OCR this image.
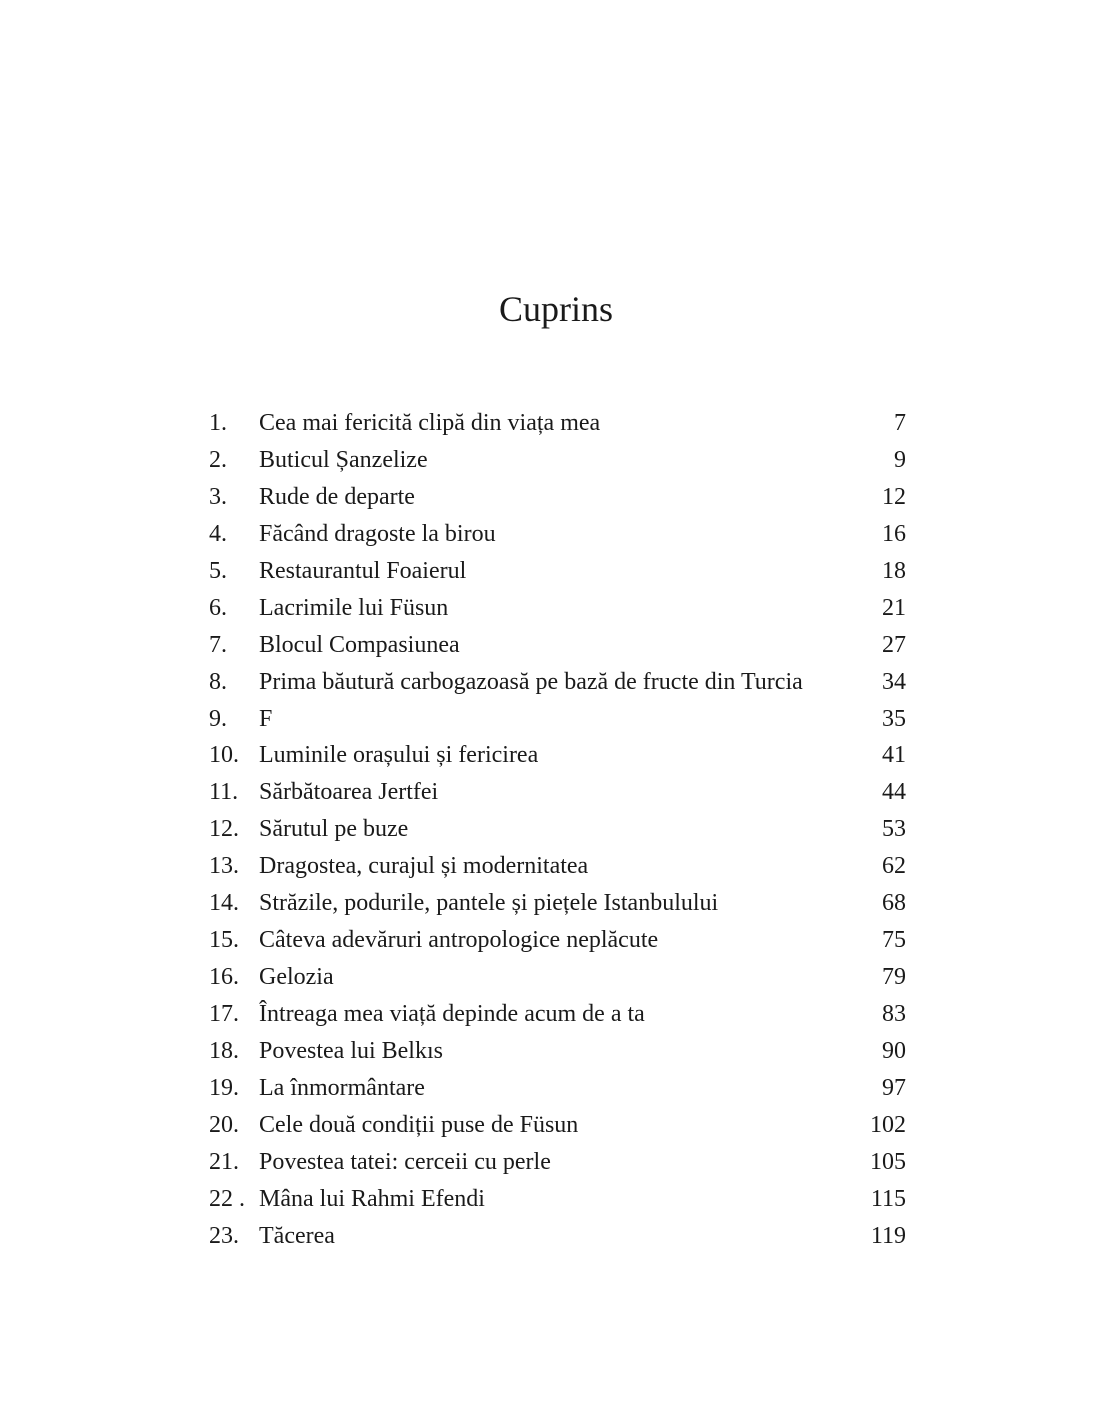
Cuprins
1.	Cea mai fericită clipă din viața mea	7
2.	Buticul Șanzelize	9
3.	Rude de departe	12
4.	Făcând dragoste la birou	16
5.	Restaurantul Foaierul	18
6.	Lacrimile lui Füsun	21
7.	Blocul Compasiunea	27
8.	Prima băutură carbogazoasă pe bază de fructe din Turcia	34
9.	F	35
10. Luminile orașului și fericirea	41
11. Sărbătoarea Jertfei	44
12. Sărutul pe buze	53
13. Dragostea, curajul și modernitatea	62
14. Străzile, podurile, pantele și piețele Istanbulului	68
15. Câteva adevăruri antropologice neplăcute	75
16. Gelozia	79
17. Întreaga mea viață depinde acum de a ta	83
18. Povestea lui Belkıs	90
19. La înmormântare	97
20. Cele două condiții puse de Füsun	102
21. Povestea tatei: cerceii cu perle	105
22 . Mâna lui Rahmi Efendi	115
23. Tăcerea	119
